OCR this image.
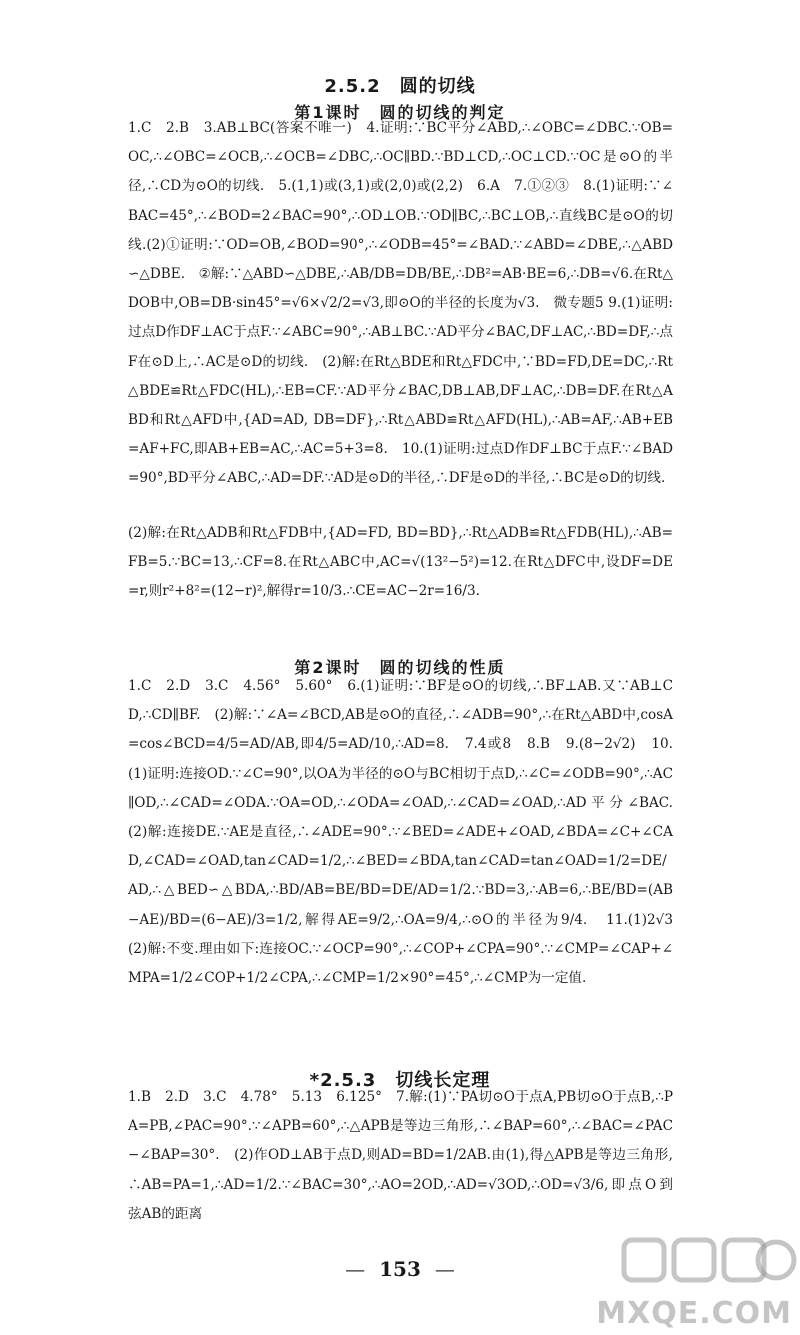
2.5.2　圆的切线
第1课时　圆的切线的判定
1.C　2.B　3.AB⊥BC(答案不唯一)　4.证明:∵BC平分∠ABD,∴∠OBC=∠DBC.∵OB=OC,∴∠OBC=∠OCB,∴∠OCB=∠DBC,∴OC∥BD.∵BD⊥CD,∴OC⊥CD.∵OC是⊙O的半径,∴CD为⊙O的切线.　5.(1,1)或(3,1)或(2,0)或(2,2)　6.A　7.①②③　8.(1)证明:∵∠BAC=45°,∴∠BOD=2∠BAC=90°,∴OD⊥OB.∵OD∥BC,∴BC⊥OB,∴直线BC是⊙O的切线.(2)①证明:∵OD=OB,∠BOD=90°,∴∠ODB=45°=∠BAD.∵∠ABD=∠DBE,∴△ABD∽△DBE.　②解:∵△ABD∽△DBE,∴AB/DB=DB/BE,∴DB²=AB·BE=6,∴DB=√6.在Rt△DOB中,OB=DB·sin45°=√6×√2/2=√3,即⊙O的半径的长度为√3.　微专题5 9.(1)证明:过点D作DF⊥AC于点F.∵∠ABC=90°,∴AB⊥BC.∵AD平分∠BAC,DF⊥AC,∴BD=DF,∴点F在⊙D上,∴AC是⊙D的切线.　(2)解:在Rt△BDE和Rt△FDC中,∵BD=FD,DE=DC,∴Rt△BDE≌Rt△FDC(HL),∴EB=CF.∵AD平分∠BAC,DB⊥AB,DF⊥AC,∴DB=DF.在Rt△ABD和Rt△AFD中,{AD=AD, DB=DF},∴Rt△ABD≌Rt△AFD(HL),∴AB=AF,∴AB+EB=AF+FC,即AB+EB=AC,∴AC=5+3=8.　10.(1)证明:过点D作DF⊥BC于点F.∵∠BAD=90°,BD平分∠ABC,∴AD=DF.∵AD是⊙D的半径,∴DF是⊙D的半径,∴BC是⊙D的切线.
(2)解:在Rt△ADB和Rt△FDB中,{AD=FD, BD=BD},∴Rt△ADB≌Rt△FDB(HL),∴AB=FB=5.∵BC=13,∴CF=8.在Rt△ABC中,AC=√(13²−5²)=12.在Rt△DFC中,设DF=DE=r,则r²+8²=(12−r)²,解得r=10/3.∴CE=AC−2r=16/3.
第2课时　圆的切线的性质
1.C　2.D　3.C　4.56°　5.60°　6.(1)证明:∵BF是⊙O的切线,∴BF⊥AB.又∵AB⊥CD,∴CD∥BF.　(2)解:∵∠A=∠BCD,AB是⊙O的直径,∴∠ADB=90°,∴在Rt△ABD中,cosA=cos∠BCD=4/5=AD/AB,即4/5=AD/10,∴AD=8.　7.4或8　8.B　9.(8−2√2)　10.(1)证明:连接OD.∵∠C=90°,以OA为半径的⊙O与BC相切于点D,∴∠C=∠ODB=90°,∴AC∥OD,∴∠CAD=∠ODA.∵OA=OD,∴∠ODA=∠OAD,∴∠CAD=∠OAD,∴AD平分∠BAC.　(2)解:连接DE.∵AE是直径,∴∠ADE=90°.∵∠BED=∠ADE+∠OAD,∠BDA=∠C+∠CAD,∠CAD=∠OAD,tan∠CAD=1/2,∴∠BED=∠BDA,tan∠CAD=tan∠OAD=1/2=DE/AD,∴△BED∽△BDA,∴BD/AB=BE/BD=DE/AD=1/2.∵BD=3,∴AB=6,∴BE/BD=(AB−AE)/BD=(6−AE)/3=1/2,解得AE=9/2,∴OA=9/4,∴⊙O的半径为9/4.　11.(1)2√3　(2)解:不变.理由如下:连接OC.∵∠OCP=90°,∴∠COP+∠CPA=90°.∵∠CMP=∠CAP+∠MPA=1/2∠COP+1/2∠CPA,∴∠CMP=1/2×90°=45°,∴∠CMP为一定值.
*2.5.3　切线长定理
1.B　2.D　3.C　4.78°　5.13　6.125°　7.解:(1)∵PA切⊙O于点A,PB切⊙O于点B,∴PA=PB,∠PAC=90°.∵∠APB=60°,∴△APB是等边三角形,∴∠BAP=60°,∴∠BAC=∠PAC−∠BAP=30°.　(2)作OD⊥AB于点D,则AD=BD=1/2AB.由(1),得△APB是等边三角形,∴AB=PA=1,∴AD=1/2.∵∠BAC=30°,∴AO=2OD,∴AD=√3OD,∴OD=√3/6,即点O到弦AB的距离
— 153 —
MXQE.COM
